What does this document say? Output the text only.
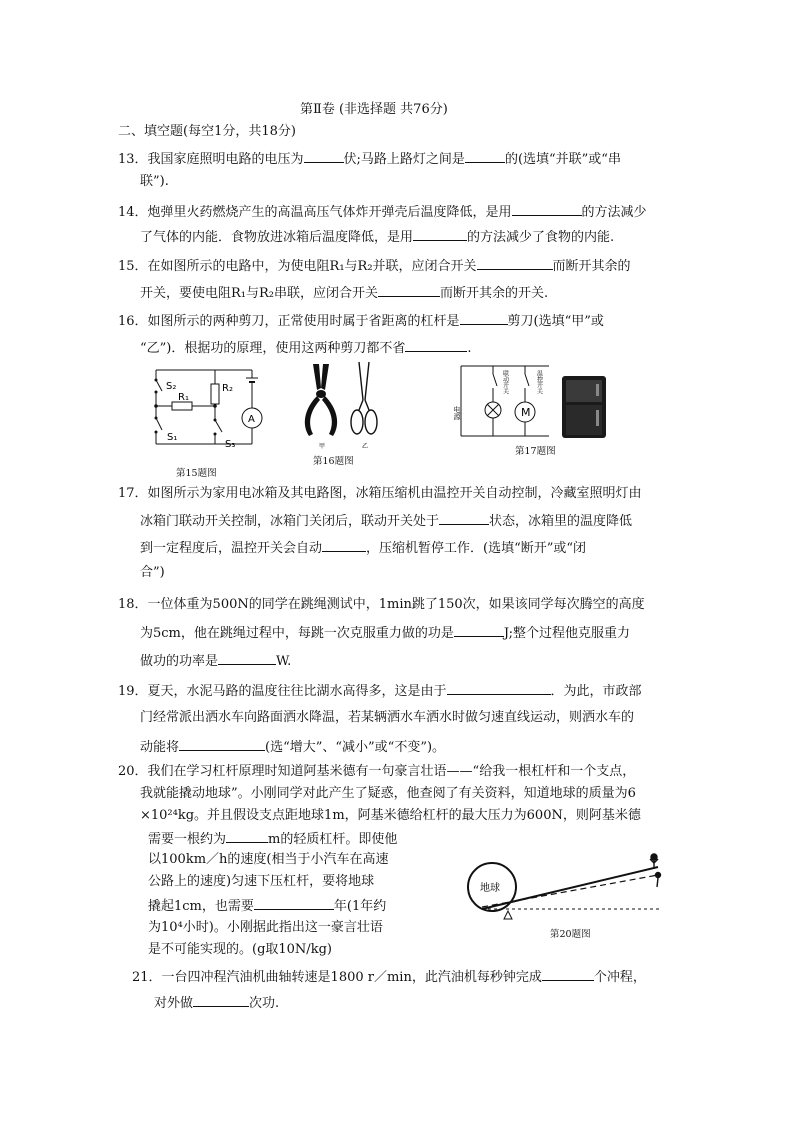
第Ⅱ卷 (非选择题 共76分)
二、填空题(每空1分，共18分)
13．我国家庭照明电路的电压为	伏;马路上路灯之间是	的(选填“并联”或“串
联”).
14．炮弹里火药燃烧产生的高温高压气体炸开弹壳后温度降低，是用	的方法减少
了气体的内能．食物放进冰箱后温度降低，是用	的方法减少了食物的内能.
15．在如图所示的电路中，为使电阻R₁与R₂并联，应闭合开关	而断开其余的
开关，要使电阻R₁与R₂串联，应闭合开关	而断开其余的开关.
16．如图所示的两种剪刀，正常使用时属于省距离的杠杆是	剪刀(选填“甲”或
“乙”)．根据功的原理，使用这两种剪刀都不省	.
S₂	R₂
R₁
S₁
S₃
A
第15题图
甲	乙
第16题图
电源
联动开关	温控开关
M
第17题图
17．如图所示为家用电冰箱及其电路图，冰箱压缩机由温控开关自动控制，冷藏室照明灯由
冰箱门联动开关控制，冰箱门关闭后，联动开关处于	状态，冰箱里的温度降低
到一定程度后，温控开关会自动	，压缩机暂停工作．(选填“断开”或“闭
合”)
18．一位体重为500N的同学在跳绳测试中，1min跳了150次，如果该同学每次腾空的高度
为5cm，他在跳绳过程中，每跳一次克服重力做的功是	J;整个过程他克服重力
做功的功率是	W.
19．夏天，水泥马路的温度往往比湖水高得多，这是由于	．为此，市政部
门经常派出洒水车向路面洒水降温，若某辆洒水车洒水时做匀速直线运动，则洒水车的
动能将	(选“增大”、“减小”或“不变”)。
20．我们在学习杠杆原理时知道阿基米德有一句豪言壮语——“给我一根杠杆和一个支点，
我就能撬动地球”。小刚同学对此产生了疑惑，他查阅了有关资料，知道地球的质量为6
×10²⁴kg。并且假设支点距地球1m，阿基米德给杠杆的最大压力为600N，则阿基米德
需要一根约为	m的轻质杠杆。即使他
以100km／h的速度(相当于小汽车在高速
公路上的速度)匀速下压杠杆，要将地球
撬起1cm，也需要	年(1年约
为10⁴小时)。小刚据此指出这一豪言壮语
是不可能实现的。(g取10N/kg)
地球
第20题图
21．一台四冲程汽油机曲轴转速是1800 r／min，此汽油机每秒钟完成	个冲程，
对外做	次功.
